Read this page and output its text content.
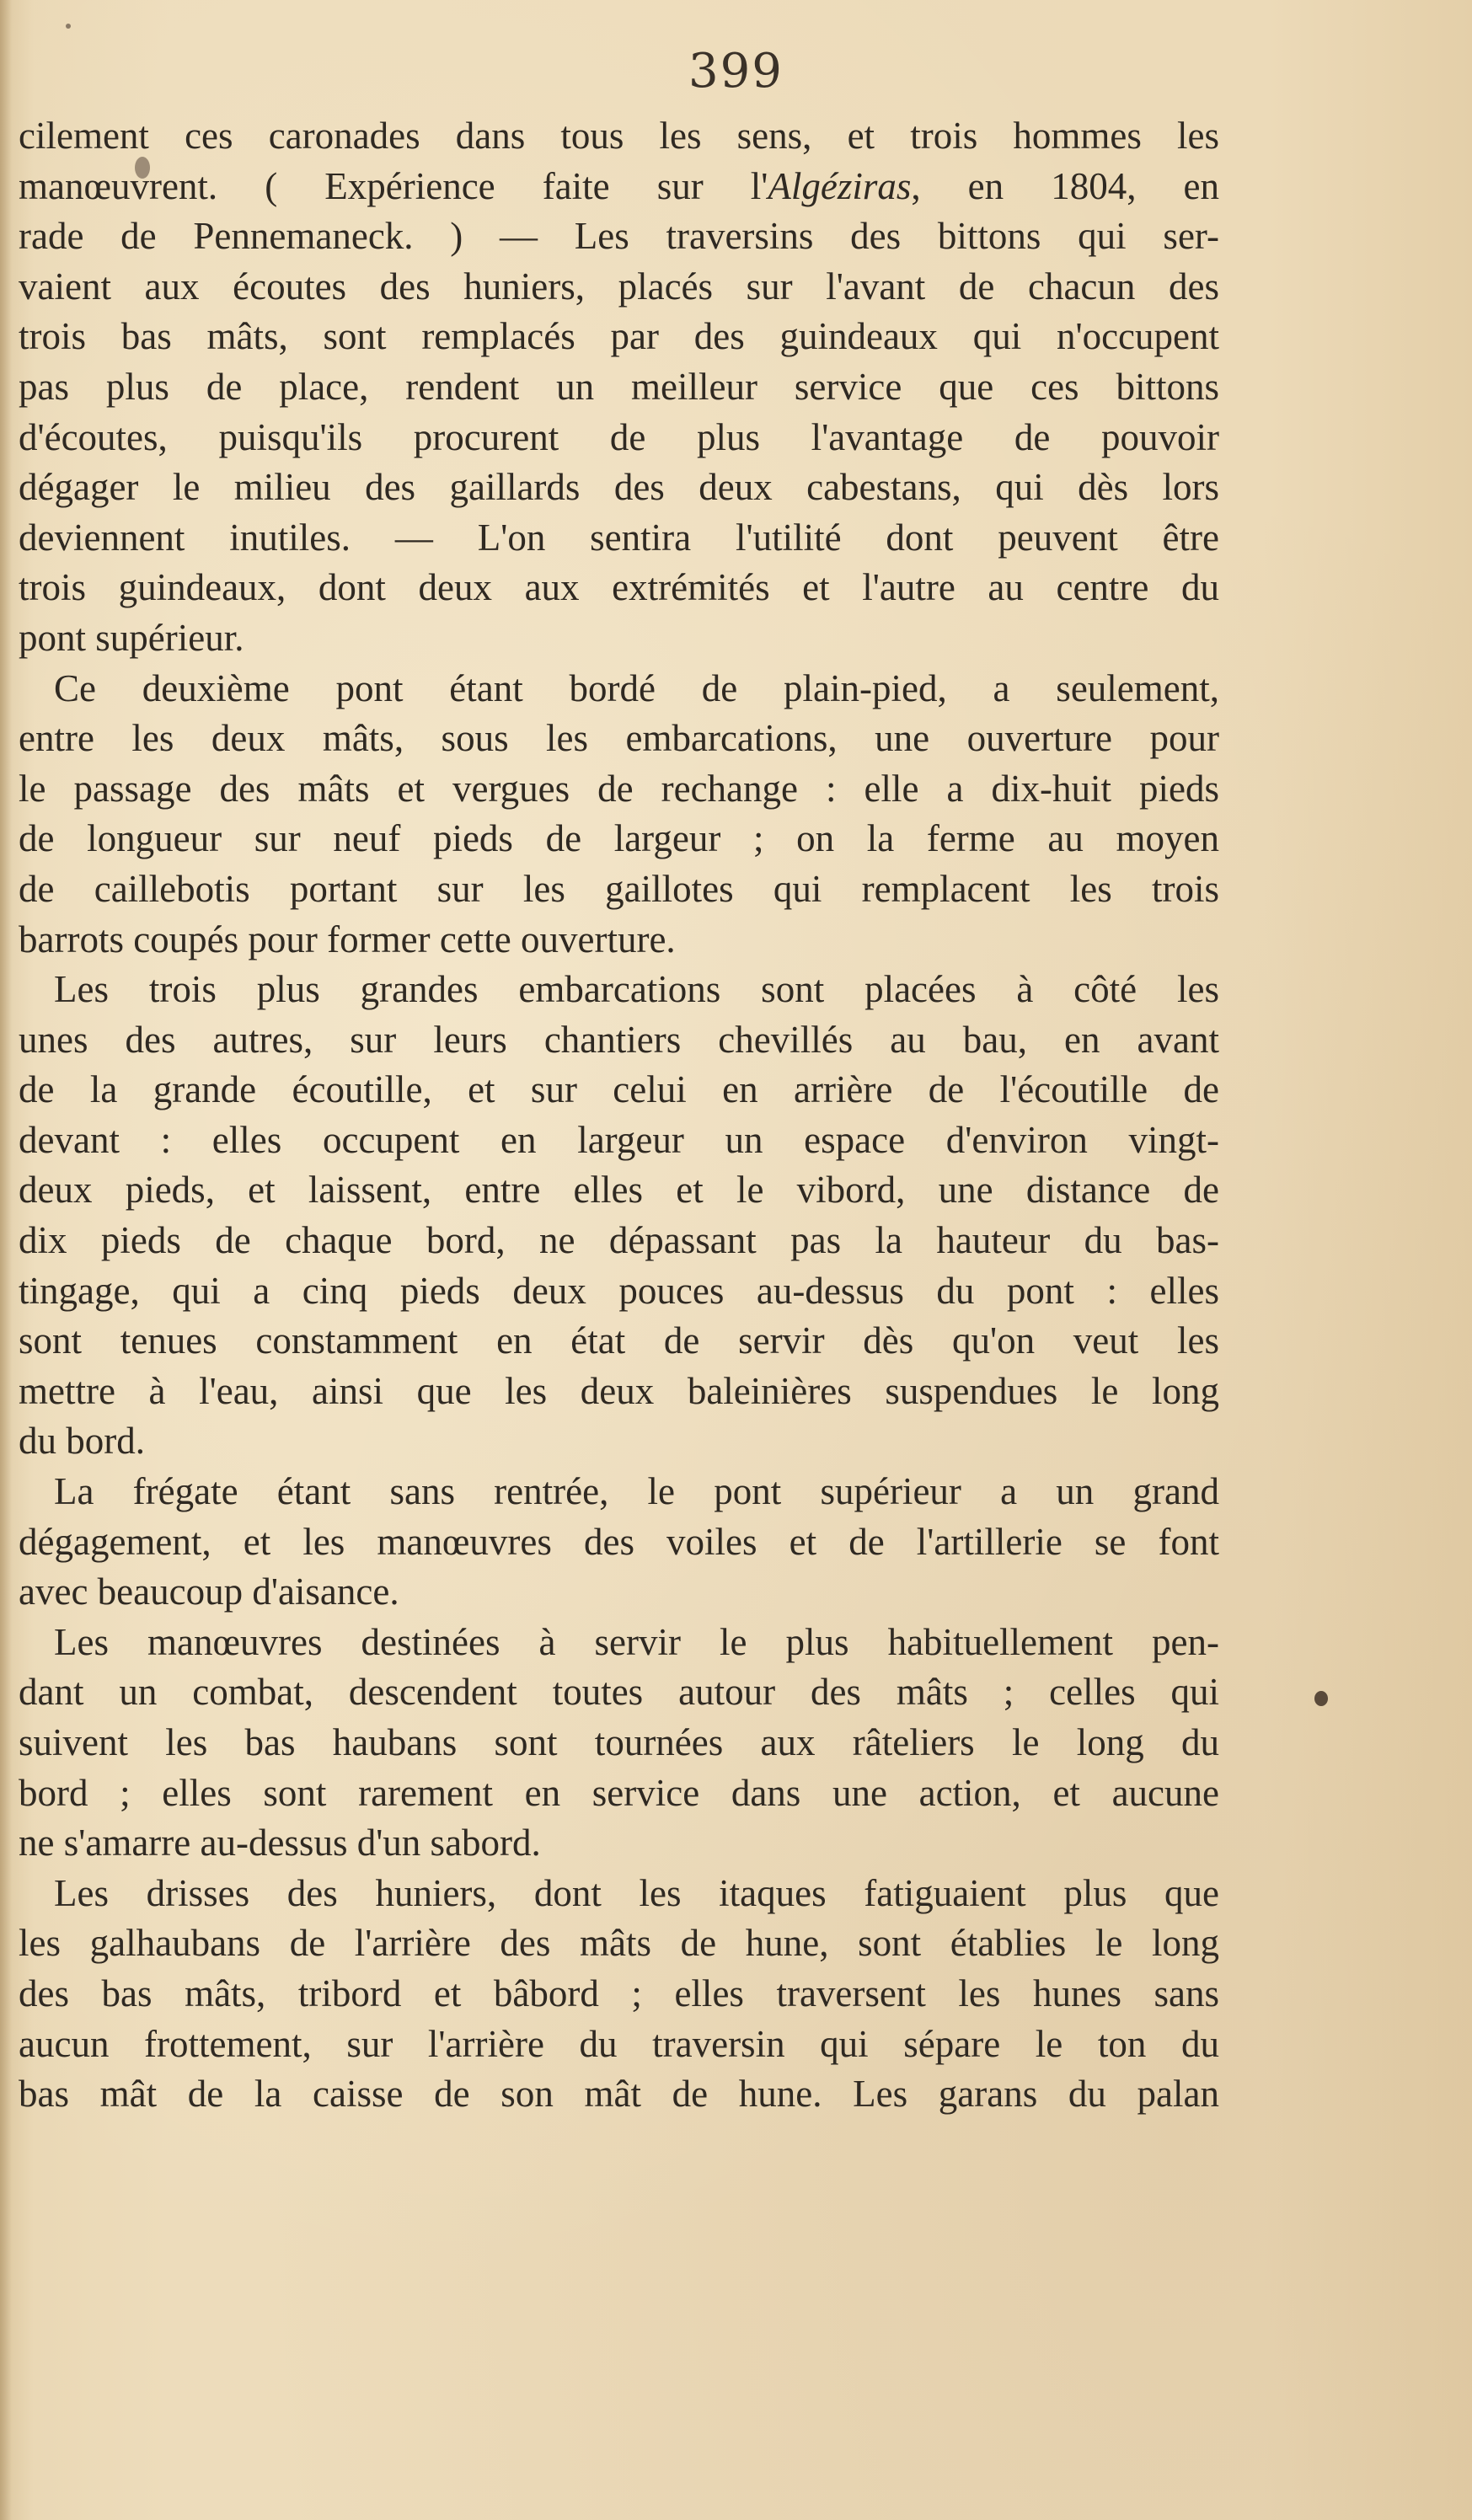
399
cilement ces caronades dans tous les sens, et trois hommes les
manœuvrent. ( Expérience faite sur l'Algéziras, en 1804, en
rade de Pennemaneck. ) — Les traversins des bittons qui ser-
vaient aux écoutes des huniers, placés sur l'avant de chacun des
trois bas mâts, sont remplacés par des guindeaux qui n'occupent
pas plus de place, rendent un meilleur service que ces bittons
d'écoutes, puisqu'ils procurent de plus l'avantage de pouvoir
dégager le milieu des gaillards des deux cabestans, qui dès lors
deviennent inutiles. — L'on sentira l'utilité dont peuvent être
trois guindeaux, dont deux aux extrémités et l'autre au centre du
pont supérieur.
Ce deuxième pont étant bordé de plain-pied, a seulement,
entre les deux mâts, sous les embarcations, une ouverture pour
le passage des mâts et vergues de rechange : elle a dix-huit pieds
de longueur sur neuf pieds de largeur ; on la ferme au moyen
de caillebotis portant sur les gaillotes qui remplacent les trois
barrots coupés pour former cette ouverture.
Les trois plus grandes embarcations sont placées à côté les
unes des autres, sur leurs chantiers chevillés au bau, en avant
de la grande écoutille, et sur celui en arrière de l'écoutille de
devant : elles occupent en largeur un espace d'environ vingt-
deux pieds, et laissent, entre elles et le vibord, une distance de
dix pieds de chaque bord, ne dépassant pas la hauteur du bas-
tingage, qui a cinq pieds deux pouces au-dessus du pont : elles
sont tenues constamment en état de servir dès qu'on veut les
mettre à l'eau, ainsi que les deux baleinières suspendues le long
du bord.
La frégate étant sans rentrée, le pont supérieur a un grand
dégagement, et les manœuvres des voiles et de l'artillerie se font
avec beaucoup d'aisance.
Les manœuvres destinées à servir le plus habituellement pen-
dant un combat, descendent toutes autour des mâts ; celles qui
suivent les bas haubans sont tournées aux râteliers le long du
bord ; elles sont rarement en service dans une action, et aucune
ne s'amarre au-dessus d'un sabord.
Les drisses des huniers, dont les itaques fatiguaient plus que
les galhaubans de l'arrière des mâts de hune, sont établies le long
des bas mâts, tribord et bâbord ; elles traversent les hunes sans
aucun frottement, sur l'arrière du traversin qui sépare le ton du
bas mât de la caisse de son mât de hune. Les garans du palan
